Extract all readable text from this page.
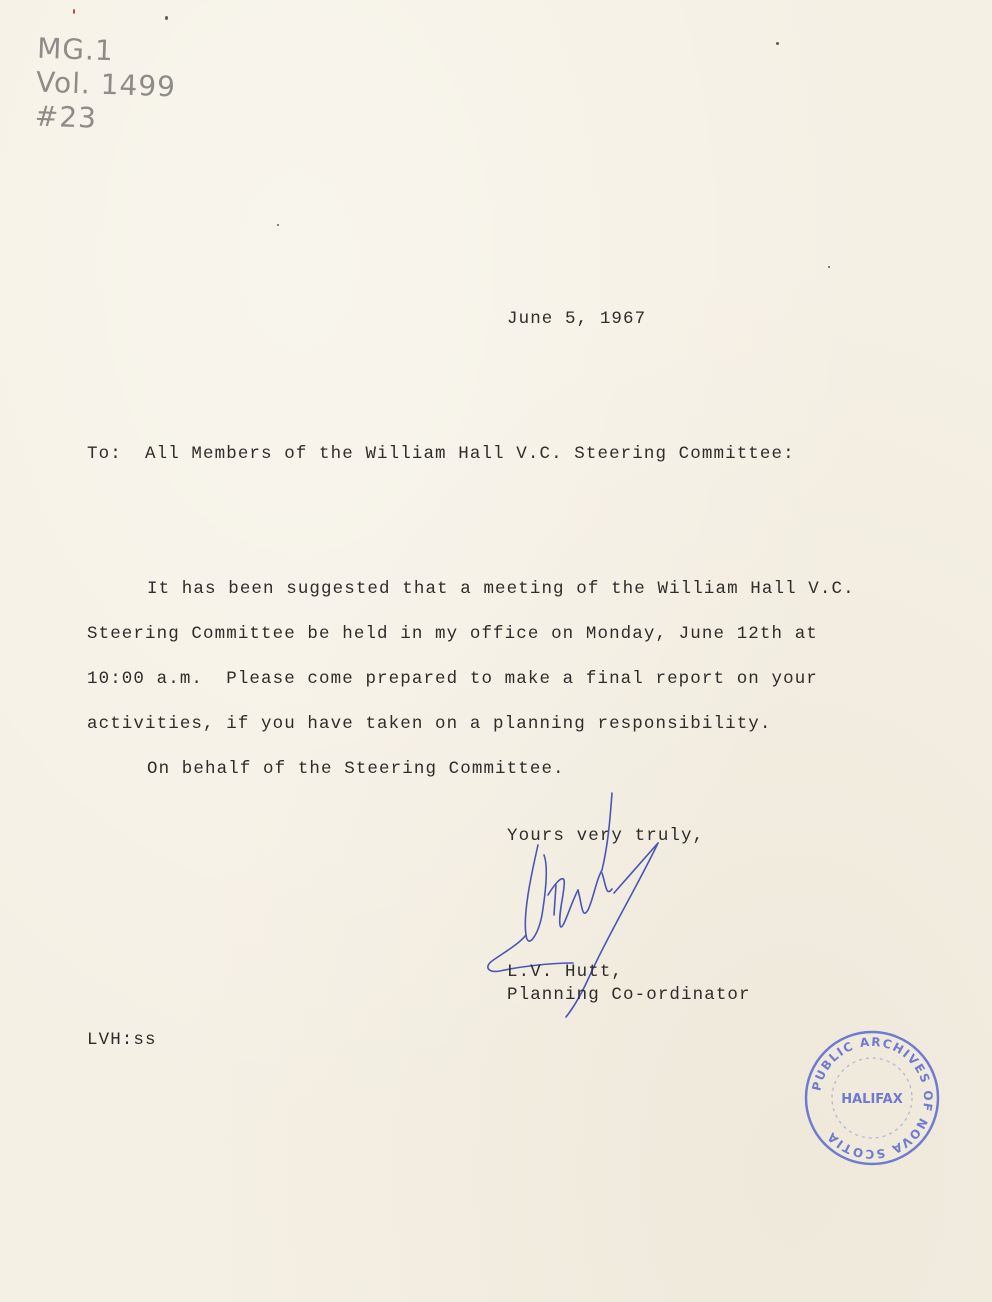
MG.1
Vol. 1499
#23
June 5, 1967
To:  All Members of the William Hall V.C. Steering Committee:
It has been suggested that a meeting of the William Hall V.C.
Steering Committee be held in my office on Monday, June 12th at
10:00 a.m.  Please come prepared to make a final report on your
activities, if you have taken on a planning responsibility.
On behalf of the Steering Committee.
Yours very truly,
L.V. Hutt,
Planning Co-ordinator
LVH:ss
PUBLIC ARCHIVES OF NOVA SCOTIA
HALIFAX
